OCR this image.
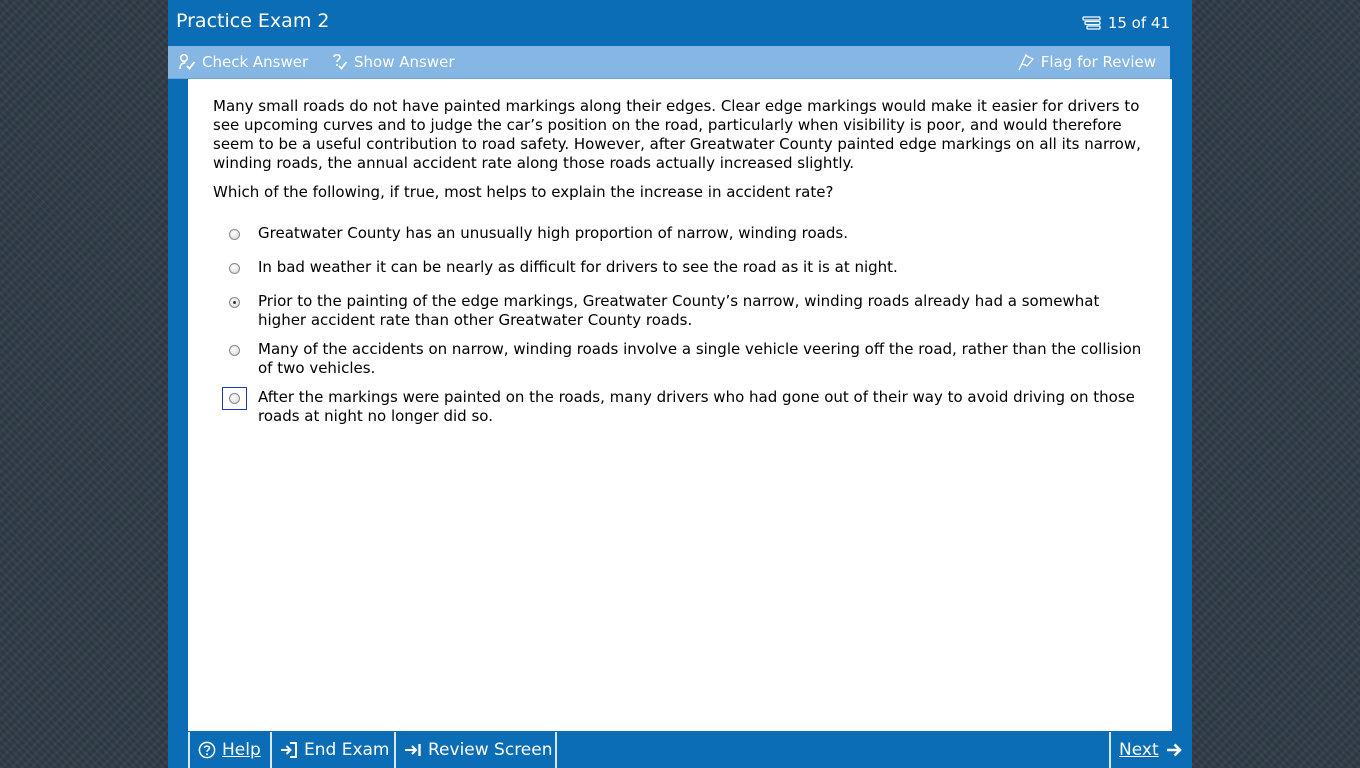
Practice Exam 2	15 of 41
Check Answer	Show Answer	Flag for Review

Many small roads do not have painted markings along their edges. Clear edge markings would make it easier for drivers to see upcoming curves and to judge the car’s position on the road, particularly when visibility is poor, and would therefore seem to be a useful contribution to road safety. However, after Greatwater County painted edge markings on all its narrow, winding roads, the annual accident rate along those roads actually increased slightly.

Which of the following, if true, most helps to explain the increase in accident rate?

Greatwater County has an unusually high proportion of narrow, winding roads.
In bad weather it can be nearly as difficult for drivers to see the road as it is at night.
Prior to the painting of the edge markings, Greatwater County’s narrow, winding roads already had a somewhat higher accident rate than other Greatwater County roads.
Many of the accidents on narrow, winding roads involve a single vehicle veering off the road, rather than the collision of two vehicles.
After the markings were painted on the roads, many drivers who had gone out of their way to avoid driving on those roads at night no longer did so.
Help	End Exam Review Screen	Next
